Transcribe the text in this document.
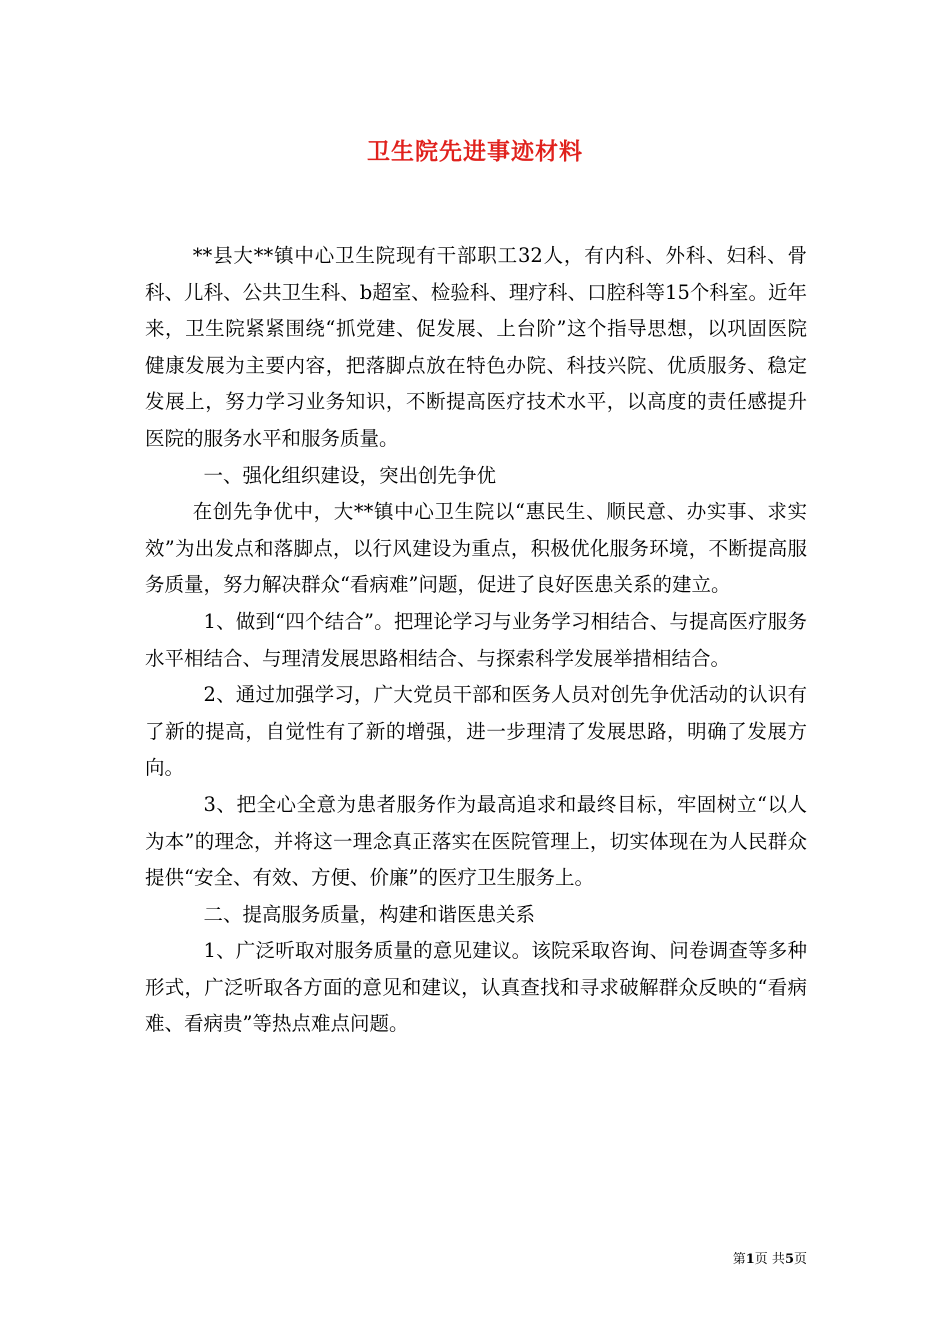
卫生院先进事迹材料

**县大**镇中心卫生院现有干部职工32人，有内科、外科、妇科、骨科、儿科、公共卫生科、b超室、检验科、理疗科、口腔科等15个科室。近年来，卫生院紧紧围绕“抓党建、促发展、上台阶”这个指导思想，以巩固医院健康发展为主要内容，把落脚点放在特色办院、科技兴院、优质服务、稳定发展上，努力学习业务知识，不断提高医疗技术水平，以高度的责任感提升医院的服务水平和服务质量。

一、强化组织建设，突出创先争优

在创先争优中，大**镇中心卫生院以“惠民生、顺民意、办实事、求实效”为出发点和落脚点，以行风建设为重点，积极优化服务环境，不断提高服务质量，努力解决群众“看病难”问题，促进了良好医患关系的建立。

1、做到“四个结合”。把理论学习与业务学习相结合、与提高医疗服务水平相结合、与理清发展思路相结合、与探索科学发展举措相结合。

2、通过加强学习，广大党员干部和医务人员对创先争优活动的认识有了新的提高，自觉性有了新的增强，进一步理清了发展思路，明确了发展方向。

3、把全心全意为患者服务作为最高追求和最终目标，牢固树立“以人为本”的理念，并将这一理念真正落实在医院管理上，切实体现在为人民群众提供“安全、有效、方便、价廉”的医疗卫生服务上。

二、提高服务质量，构建和谐医患关系

1、广泛听取对服务质量的意见建议。该院采取咨询、问卷调查等多种形式，广泛听取各方面的意见和建议，认真查找和寻求破解群众反映的“看病难、看病贵”等热点难点问题。

第1页 共5页
